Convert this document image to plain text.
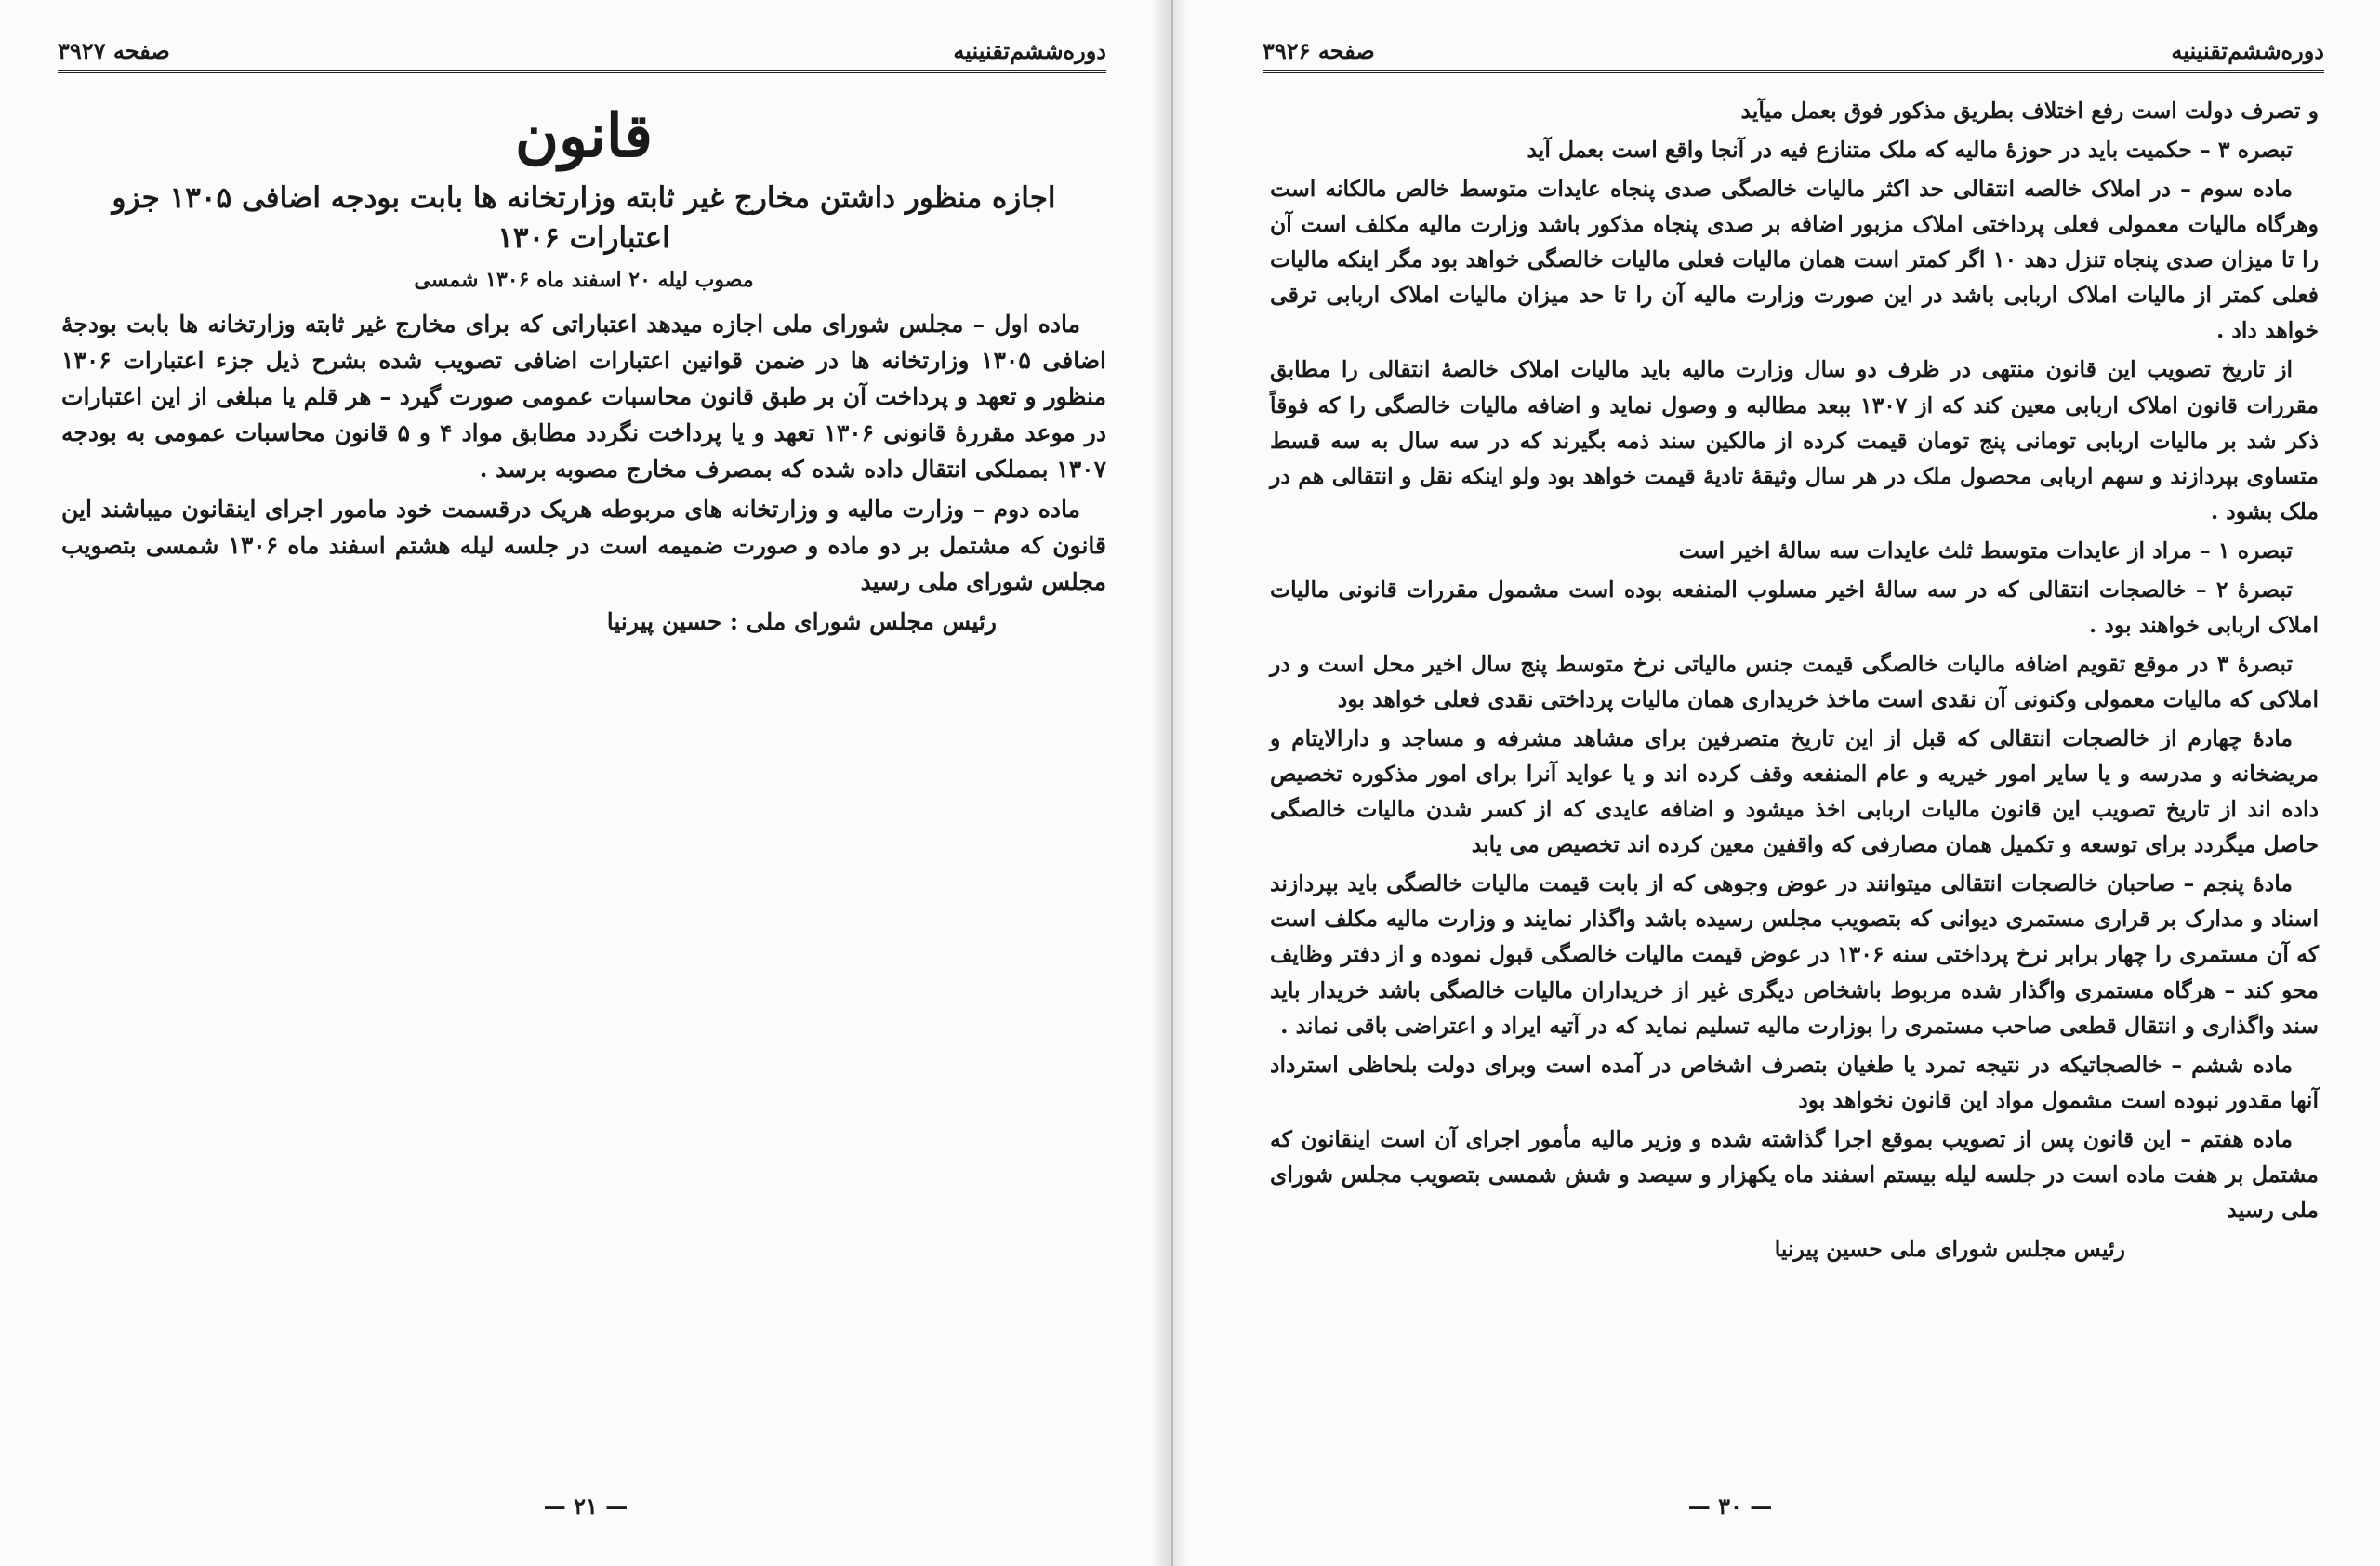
دوره‌ششم‌تقنینیه
صفحه ۳۹۲۷
قانون
اجازه منظور داشتن مخارج غیر ثابته وزارتخانه ها بابت بودجه اضافی ۱۳۰۵ جزو اعتبارات ۱۳۰۶
مصوب لیله ۲۰ اسفند ماه ۱۳۰۶ شمسی

ماده اول – مجلس شورای ملی اجازه میدهد اعتباراتی که برای مخارج غیر ثابته وزارتخانه ها بابت بودجهٔ اضافی ۱۳۰۵ وزارتخانه ها در ضمن قوانین اعتبارات اضافی تصویب شده بشرح ذیل جزء اعتبارات ۱۳۰۶ منظور و تعهد و پرداخت آن بر طبق قانون محاسبات عمومی صورت گیرد – هر قلم یا مبلغی از این اعتبارات در موعد مقررهٔ قانونی ۱۳۰۶ تعهد و یا پرداخت نگردد مطابق مواد ۴ و ۵ قانون محاسبات عمومی به بودجه ۱۳۰۷ بمملکی انتقال داده شده که بمصرف مخارج مصوبه برسد .

ماده دوم – وزارت مالیه و وزارتخانه های مربوطه هریک درقسمت خود مامور اجرای اینقانون میباشند این قانون که مشتمل بر دو ماده و صورت ضمیمه است در جلسه لیله هشتم اسفند ماه ۱۳۰۶ شمسی بتصویب مجلس شورای ملی رسید

رئیس مجلس شورای ملی : حسین پیرنیا

— ۲۱ —
دوره‌ششم‌تقنینیه
صفحه ۳۹۲۶

و تصرف دولت است رفع اختلاف بطریق مذکور فوق بعمل میآید

تبصره ۳ – حکمیت باید در حوزهٔ مالیه که ملک متنازع فیه در آنجا واقع است بعمل آید

ماده سوم – در املاک خالصه انتقالی حد اکثر مالیات خالصگی صدی پنجاه عایدات متوسط خالص مالکانه است وهرگاه مالیات معمولی فعلی پرداختی املاک مزبور اضافه بر صدی پنجاه مذکور باشد وزارت مالیه مکلف است آن را تا میزان صدی پنجاه تنزل دهد ۱۰ اگر کمتر است همان مالیات فعلی مالیات خالصگی خواهد بود مگر اینکه مالیات فعلی کمتر از مالیات املاک اربابی باشد در این صورت وزارت مالیه آن را تا حد میزان مالیات املاک اربابی ترقی خواهد داد .

از تاریخ تصویب این قانون منتهی در ظرف دو سال وزارت مالیه باید مالیات املاک خالصهٔ انتقالی را مطابق مقررات قانون املاک اربابی معین کند که از ۱۳۰۷ ببعد مطالبه و وصول نماید و اضافه مالیات خالصگی را که فوقاً ذکر شد بر مالیات اربابی تومانی پنج تومان قیمت کرده از مالکین سند ذمه بگیرند که در سه سال به سه قسط متساوی بپردازند و سهم اربابی محصول ملک در هر سال وثیقهٔ تادیهٔ قیمت خواهد بود ولو اینکه نقل و انتقالی هم در ملک بشود .

تبصره ۱ – مراد از عایدات متوسط ثلث عایدات سه سالهٔ اخیر است

تبصرهٔ ۲ – خالصجات انتقالی که در سه سالهٔ اخیر مسلوب المنفعه بوده است مشمول مقررات قانونی مالیات املاک اربابی خواهند بود .

تبصرهٔ ۳ در موقع تقویم اضافه مالیات خالصگی قیمت جنس مالیاتی نرخ متوسط پنج سال اخیر محل است و در املاکی که مالیات معمولی وکنونی آن نقدی است ماخذ خریداری همان مالیات پرداختی نقدی فعلی خواهد بود

مادهٔ چهارم از خالصجات انتقالی که قبل از این تاریخ متصرفین برای مشاهد مشرفه و مساجد و دارالایتام و مریضخانه و مدرسه و یا سایر امور خیریه و عام المنفعه وقف کرده اند و یا عواید آنرا برای امور مذکوره تخصیص داده اند از تاریخ تصویب این قانون مالیات اربابی اخذ میشود و اضافه عایدی که از کسر شدن مالیات خالصگی حاصل میگردد برای توسعه و تکمیل همان مصارفی که واقفین معین کرده اند تخصیص می یابد

مادهٔ پنجم – صاحبان خالصجات انتقالی میتوانند در عوض وجوهی که از بابت قیمت مالیات خالصگی باید بپردازند اسناد و مدارک بر قراری مستمری دیوانی که بتصویب مجلس رسیده باشد واگذار نمایند و وزارت مالیه مکلف است که آن مستمری را چهار برابر نرخ پرداختی سنه ۱۳۰۶ در عوض قیمت مالیات خالصگی قبول نموده و از دفتر وظایف محو کند – هرگاه مستمری واگذار شده مربوط باشخاص دیگری غیر از خریداران مالیات خالصگی باشد خریدار باید سند واگذاری و انتقال قطعی صاحب مستمری را بوزارت مالیه تسلیم نماید که در آتیه ایراد و اعتراضی باقی نماند .

ماده ششم – خالصجاتیکه در نتیجه تمرد یا طغیان بتصرف اشخاص در آمده است وبرای دولت بلحاظی استرداد آنها مقدور نبوده است مشمول مواد این قانون نخواهد بود

ماده هفتم – این قانون پس از تصویب بموقع اجرا گذاشته شده و وزیر مالیه مأمور اجرای آن است اینقانون که مشتمل بر هفت ماده است در جلسه لیله بیستم اسفند ماه یکهزار و سیصد و شش شمسی بتصویب مجلس شورای ملی رسید

رئیس مجلس شورای ملی حسین پیرنیا

— ۳۰ —
